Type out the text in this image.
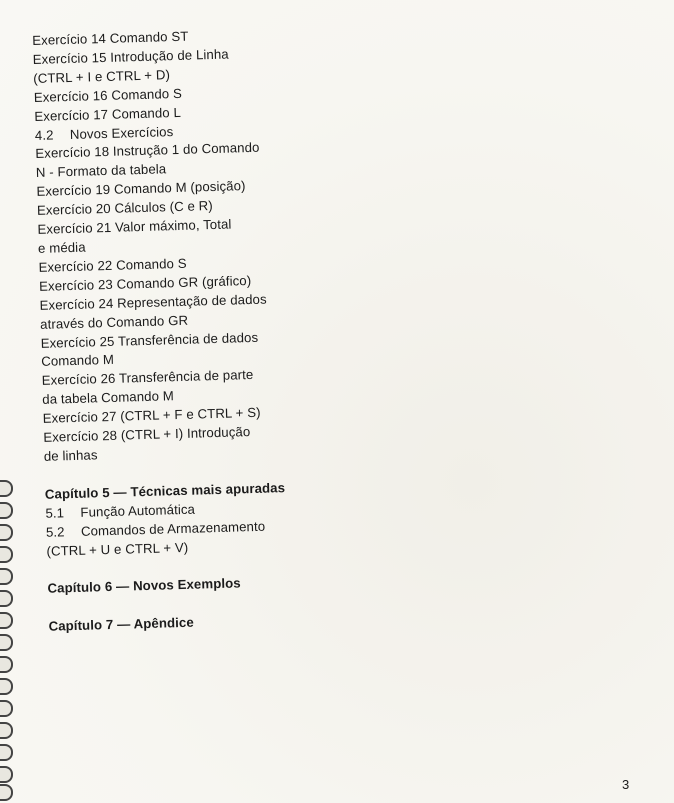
Exercício 14 Comando ST
Exercício 15 Introdução de Linha
(CTRL + I e CTRL + D)
Exercício 16 Comando S
Exercício 17 Comando L
4.2 Novos Exercícios
Exercício 18 Instrução 1 do Comando
N - Formato da tabela
Exercício 19 Comando M (posição)
Exercício 20 Cálculos (C e R)
Exercício 21 Valor máximo, Total
e média
Exercício 22 Comando S
Exercício 23 Comando GR (gráfico)
Exercício 24 Representação de dados
através do Comando GR
Exercício 25 Transferência de dados
Comando M
Exercício 26 Transferência de parte
da tabela Comando M
Exercício 27 (CTRL + F e CTRL + S)
Exercício 28 (CTRL + I) Introdução
de linhas
Capítulo 5 — Técnicas mais apuradas
5.1 Função Automática
5.2 Comandos de Armazenamento
(CTRL + U e CTRL + V)
Capítulo 6 — Novos Exemplos
Capítulo 7 — Apêndice
3
